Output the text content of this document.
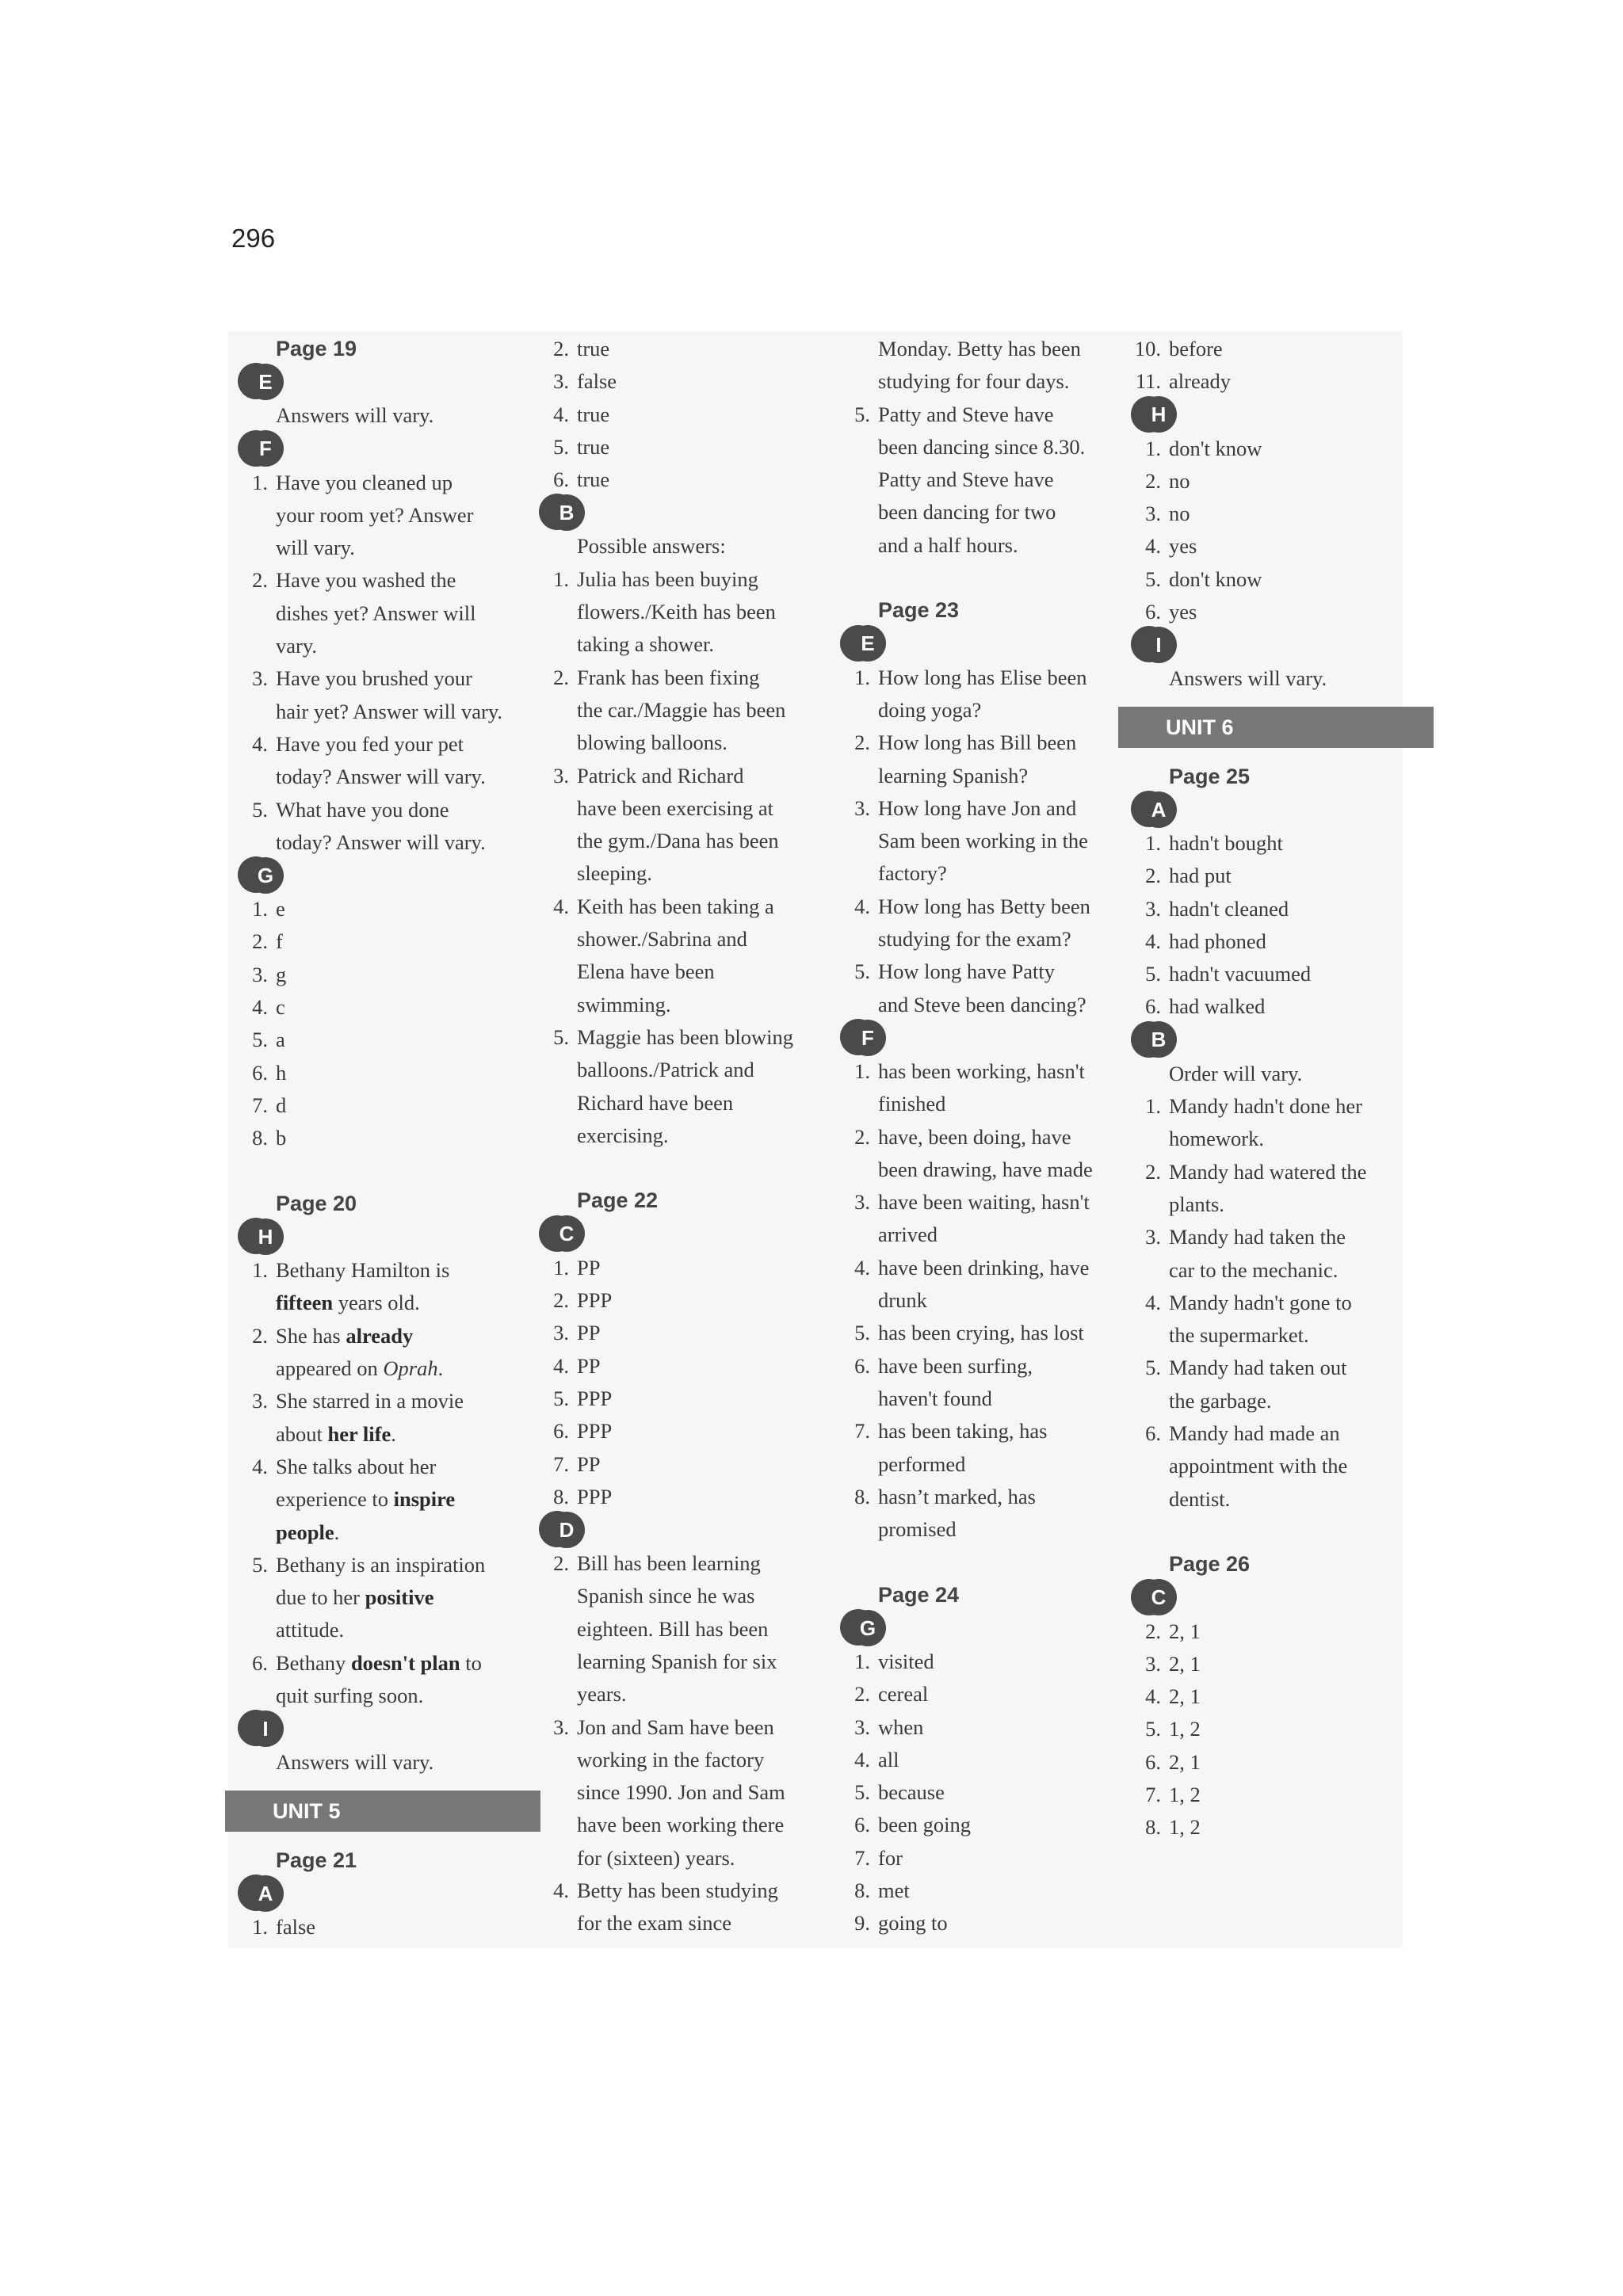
296
Page 19
E
Answers will vary.
F
1. Have you cleaned up
your room yet? Answer
will vary.
2. Have you washed the
dishes yet? Answer will
vary.
3. Have you brushed your
hair yet? Answer will vary.
4. Have you fed your pet
today? Answer will vary.
5. What have you done
today? Answer will vary.
G
1. e
2. f
3. g
4. c
5. a
6. h
7. d
8. b
Page 20
H
1. Bethany Hamilton is
fifteen years old.
2. She has already
appeared on Oprah.
3. She starred in a movie
about her life.
4. She talks about her
experience to inspire
people.
5. Bethany is an inspiration
due to her positive
attitude.
6. Bethany doesn't plan to
quit surfing soon.
I
Answers will vary.
UNIT 5
Page 21
A
1. false
2. true
3. false
4. true
5. true
6. true
B
Possible answers:
1. Julia has been buying
flowers./Keith has been
taking a shower.
2. Frank has been fixing
the car./Maggie has been
blowing balloons.
3. Patrick and Richard
have been exercising at
the gym./Dana has been
sleeping.
4. Keith has been taking a
shower./Sabrina and
Elena have been
swimming.
5. Maggie has been blowing
balloons./Patrick and
Richard have been
exercising.
Page 22
C
1. PP
2. PPP
3. PP
4. PP
5. PPP
6. PPP
7. PP
8. PPP
D
2. Bill has been learning
Spanish since he was
eighteen. Bill has been
learning Spanish for six
years.
3. Jon and Sam have been
working in the factory
since 1990. Jon and Sam
have been working there
for (sixteen) years.
4. Betty has been studying
for the exam since
Monday. Betty has been
studying for four days.
5. Patty and Steve have
been dancing since 8.30.
Patty and Steve have
been dancing for two
and a half hours.
Page 23
E
1. How long has Elise been
doing yoga?
2. How long has Bill been
learning Spanish?
3. How long have Jon and
Sam been working in the
factory?
4. How long has Betty been
studying for the exam?
5. How long have Patty
and Steve been dancing?
F
1. has been working, hasn't
finished
2. have, been doing, have
been drawing, have made
3. have been waiting, hasn't
arrived
4. have been drinking, have
drunk
5. has been crying, has lost
6. have been surfing,
haven't found
7. has been taking, has
performed
8. hasn’t marked, has
promised
Page 24
G
1. visited
2. cereal
3. when
4. all
5. because
6. been going
7. for
8. met
9. going to
10. before
11. already
H
1. don't know
2. no
3. no
4. yes
5. don't know
6. yes
I
Answers will vary.
UNIT 6
Page 25
A
1. hadn't bought
2. had put
3. hadn't cleaned
4. had phoned
5. hadn't vacuumed
6. had walked
B
Order will vary.
1. Mandy hadn't done her
homework.
2. Mandy had watered the
plants.
3. Mandy had taken the
car to the mechanic.
4. Mandy hadn't gone to
the supermarket.
5. Mandy had taken out
the garbage.
6. Mandy had made an
appointment with the
dentist.
Page 26
C
2. 2, 1
3. 2, 1
4. 2, 1
5. 1, 2
6. 2, 1
7. 1, 2
8. 1, 2
